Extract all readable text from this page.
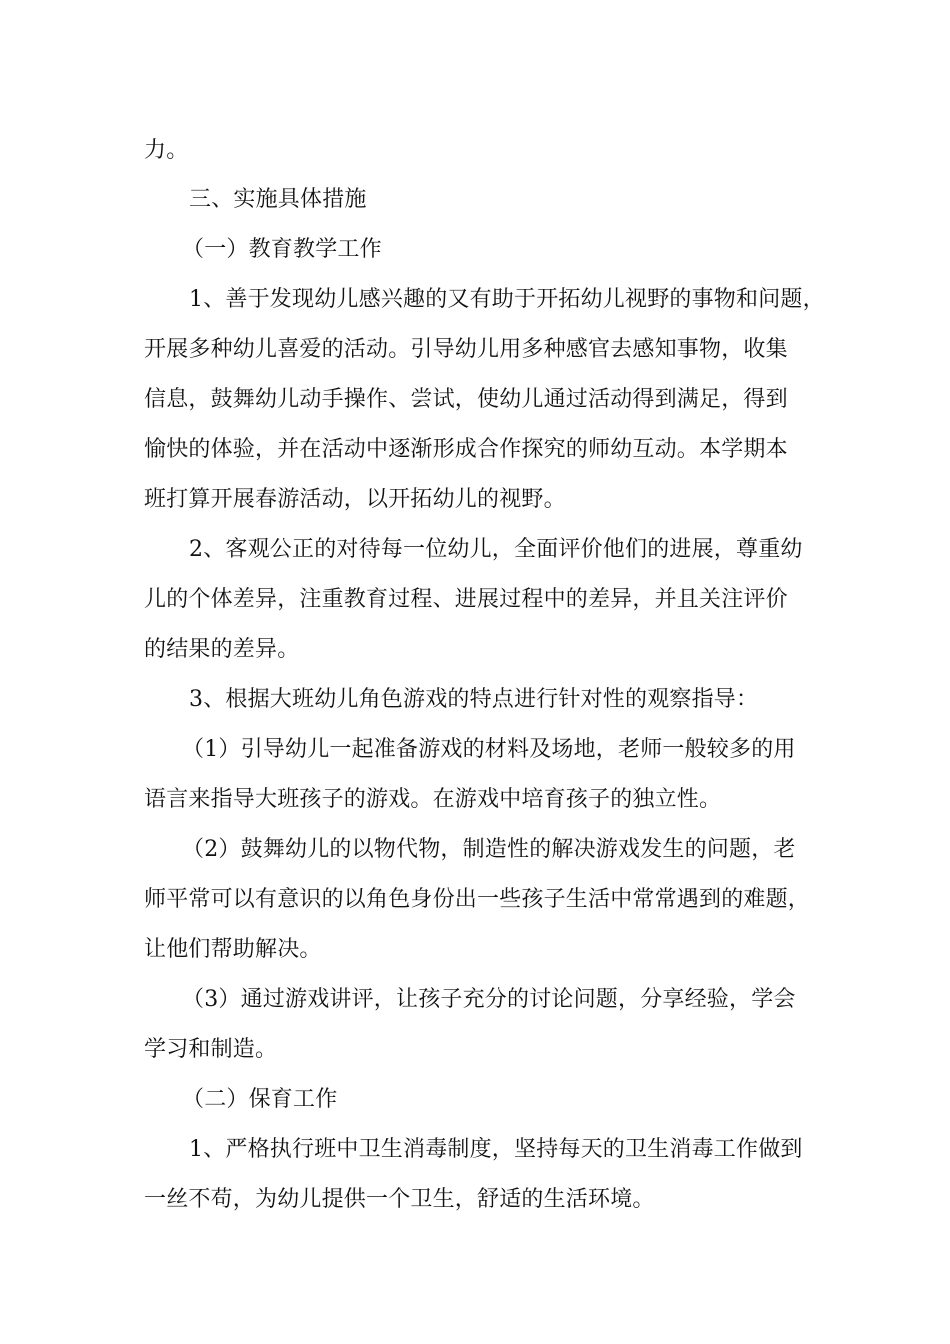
力。
三、实施具体措施
（一）教育教学工作
1、善于发现幼儿感兴趣的又有助于开拓幼儿视野的事物和问题，
开展多种幼儿喜爱的活动。引导幼儿用多种感官去感知事物，收集
信息，鼓舞幼儿动手操作、尝试，使幼儿通过活动得到满足，得到
愉快的体验，并在活动中逐渐形成合作探究的师幼互动。本学期本
班打算开展春游活动，以开拓幼儿的视野。
2、客观公正的对待每一位幼儿，全面评价他们的进展，尊重幼
儿的个体差异，注重教育过程、进展过程中的差异，并且关注评价
的结果的差异。
3、根据大班幼儿角色游戏的特点进行针对性的观察指导：
（1）引导幼儿一起准备游戏的材料及场地，老师一般较多的用
语言来指导大班孩子的游戏。在游戏中培育孩子的独立性。
（2）鼓舞幼儿的以物代物，制造性的解决游戏发生的问题，老
师平常可以有意识的以角色身份出一些孩子生活中常常遇到的难题，
让他们帮助解决。
（3）通过游戏讲评，让孩子充分的讨论问题，分享经验，学会
学习和制造。
（二）保育工作
1、严格执行班中卫生消毒制度，坚持每天的卫生消毒工作做到
一丝不苟，为幼儿提供一个卫生，舒适的生活环境。
